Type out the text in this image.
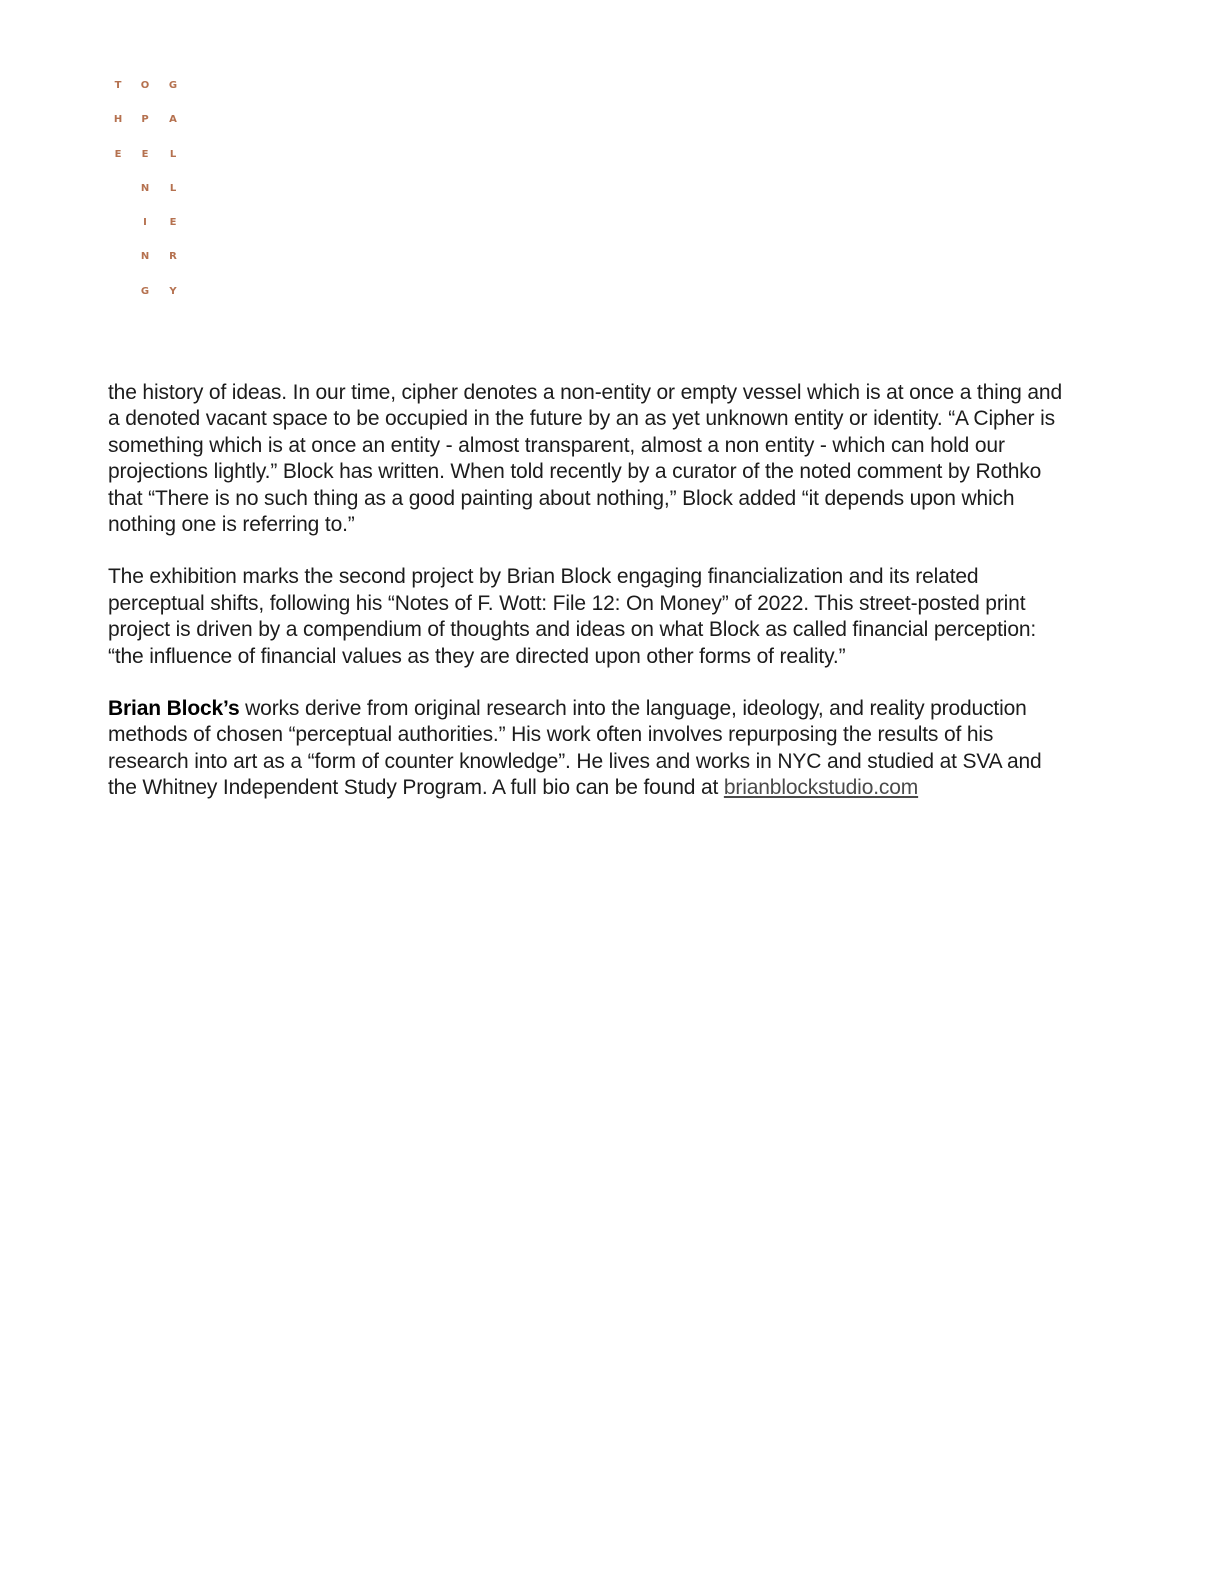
T
H
E
O
P
E
N
I
N
G
G
A
L
L
E
R
Y

the history of ideas. In our time, cipher denotes a non-entity or empty vessel which is at once a thing and a denoted vacant space to be occupied in the future by an as yet unknown entity or identity. “A Cipher is something which is at once an entity - almost transparent, almost a non entity - which can hold our projections lightly.” Block has written. When told recently by a curator of the noted comment by Rothko that “There is no such thing as a good painting about nothing,” Block added “it depends upon which nothing one is referring to.”

The exhibition marks the second project by Brian Block engaging financialization and its related perceptual shifts, following his “Notes of F. Wott: File 12: On Money” of 2022. This street-posted print project is driven by a compendium of thoughts and ideas on what Block as called financial perception: “the influence of financial values as they are directed upon other forms of reality.”

Brian Block’s works derive from original research into the language, ideology, and reality production methods of chosen “perceptual authorities.” His work often involves repurposing the results of his research into art as a “form of counter knowledge”. He lives and works in NYC and studied at SVA and the Whitney Independent Study Program. A full bio can be found at brianblockstudio.com
